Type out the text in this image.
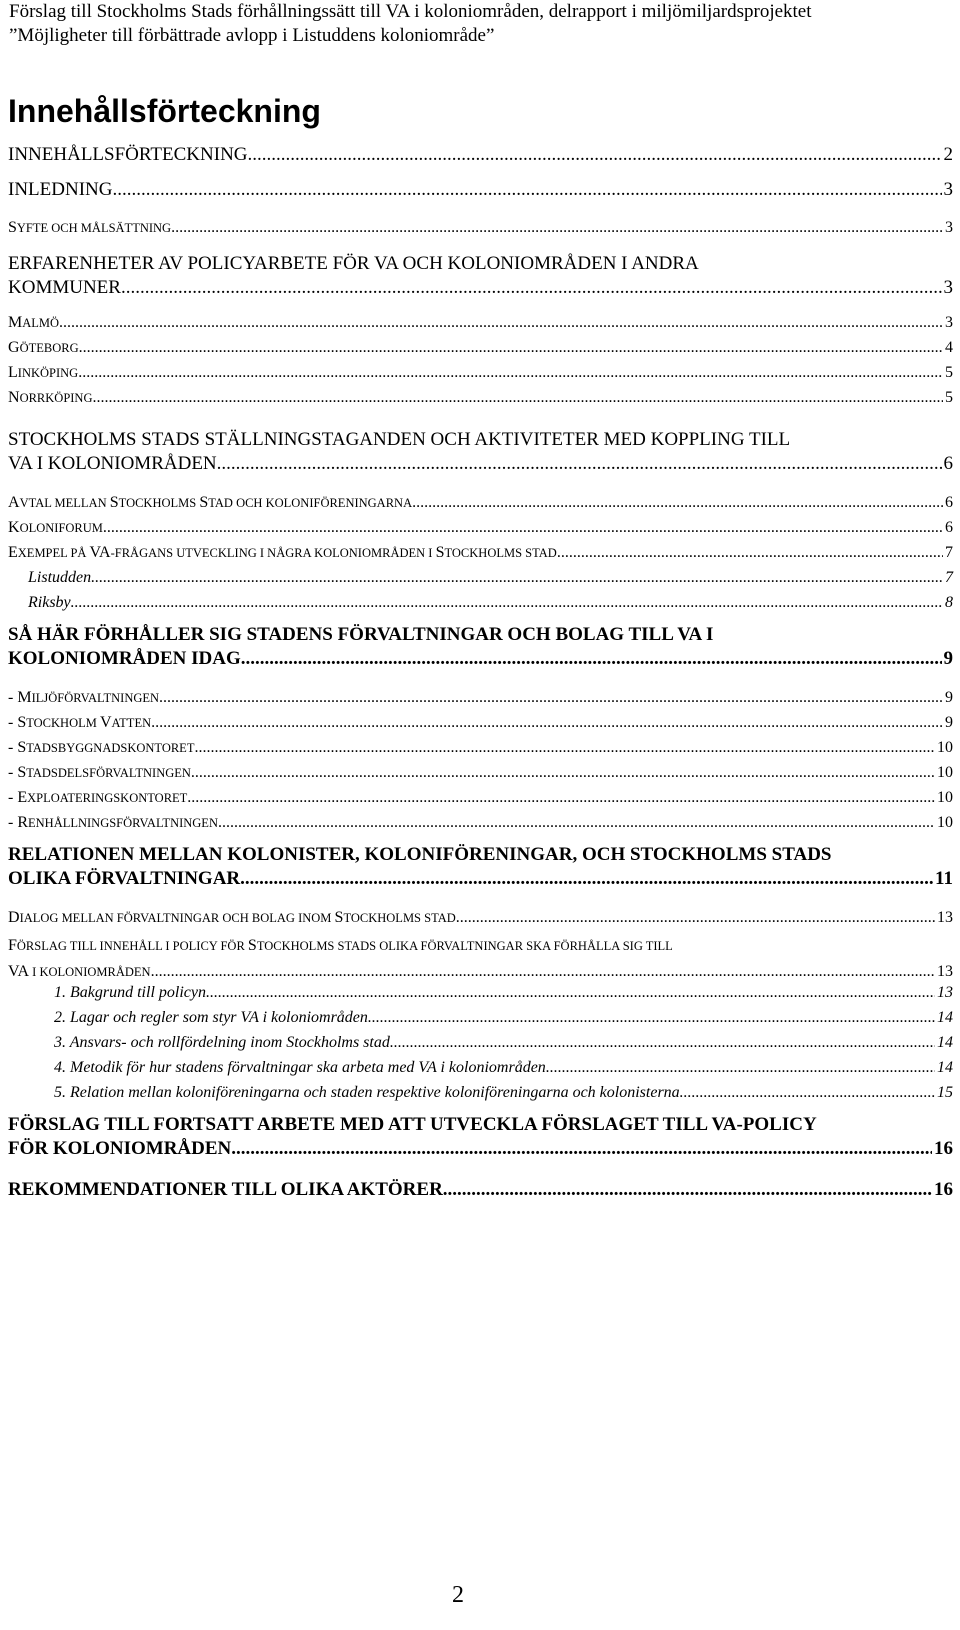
Förslag till Stockholms Stads förhållningssätt till VA i koloniområden, delrapport i miljömiljardsprojektet
”Möjligheter till förbättrade avlopp i Listuddens koloniområde”
Innehållsförteckning
INNEHÅLLSFÖRTECKNING .....	2
INLEDNING .....	3
SYFTE OCH MÅLSÄTTNING .....	3
ERFARENHETER AV POLICYARBETE FÖR VA OCH KOLONIOMRÅDEN I ANDRA
KOMMUNER .....	3
MALMÖ .....	3
GÖTEBORG .....	4
LINKÖPING .....	5
NORRKÖPING .....	5
STOCKHOLMS STADS STÄLLNINGSTAGANDEN OCH AKTIVITETER MED KOPPLING TILL
VA I KOLONIOMRÅDEN .....	6
AVTAL MELLAN STOCKHOLMS STAD OCH KOLONIFÖRENINGARNA .....	6
KOLONIFORUM .....	6
EXEMPEL PÅ VA-FRÅGANS UTVECKLING I NÅGRA KOLONIOMRÅDEN I STOCKHOLMS STAD .....	7
Listudden .....	7
Riksby .....	8
SÅ HÄR FÖRHÅLLER SIG STADENS FÖRVALTNINGAR OCH BOLAG TILL VA I
KOLONIOMRÅDEN IDAG .....	9
- MILJÖFÖRVALTNINGEN .....	9
- STOCKHOLM VATTEN .....	9
- STADSBYGGNADSKONTORET .....	10
- STADSDELSFÖRVALTNINGEN .....	10
- EXPLOATERINGSKONTORET .....	10
- RENHÅLLNINGSFÖRVALTNINGEN .....	10
RELATIONEN MELLAN KOLONISTER, KOLONIFÖRENINGAR, OCH STOCKHOLMS STADS
OLIKA FÖRVALTNINGAR .....	11
DIALOG MELLAN FÖRVALTNINGAR OCH BOLAG INOM STOCKHOLMS STAD .....	13
FÖRSLAG TILL INNEHÅLL I POLICY FÖR STOCKHOLMS STADS OLIKA FÖRVALTNINGAR SKA FÖRHÅLLA SIG TILL
VA I KOLONIOMRÅDEN .....	13
1. Bakgrund till policyn .....	13
2. Lagar och regler som styr VA i koloniområden .....	14
3. Ansvars- och rollfördelning inom Stockholms stad .....	14
4. Metodik för hur stadens förvaltningar ska arbeta med VA i koloniområden .....	14
5. Relation mellan koloniföreningarna och staden respektive koloniföreningarna och kolonisterna .....	15
FÖRSLAG TILL FORTSATT ARBETE MED ATT UTVECKLA FÖRSLAGET TILL VA-POLICY
FÖR KOLONIOMRÅDEN .....	16
REKOMMENDATIONER TILL OLIKA AKTÖRER .....	16
2
